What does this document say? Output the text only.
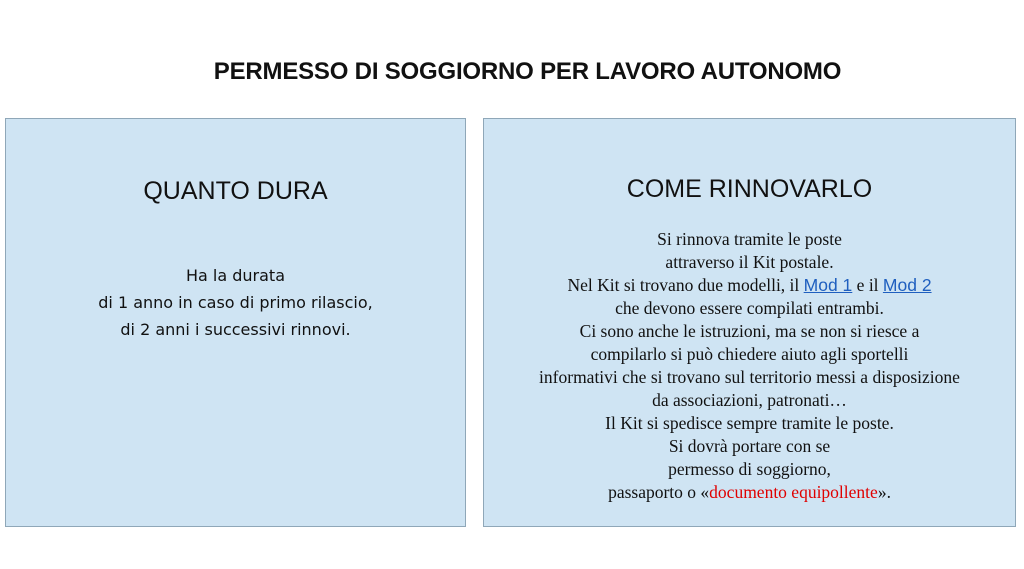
PERMESSO DI SOGGIORNO PER LAVORO AUTONOMO
QUANTO DURA
Ha la durata
di 1 anno in caso di primo rilascio,
di 2 anni i successivi rinnovi.
COME RINNOVARLO
Si rinnova tramite le poste
attraverso il Kit postale.
Nel Kit si trovano due modelli, il Mod 1 e il Mod 2
che devono essere compilati entrambi.
Ci sono anche le istruzioni, ma se non si riesce a
compilarlo si può chiedere aiuto agli sportelli
informativi che si trovano sul territorio messi a disposizione
da associazioni, patronati…
Il Kit si spedisce sempre tramite le poste.
Si dovrà portare con se
permesso di soggiorno,
passaporto o «documento equipollente».
